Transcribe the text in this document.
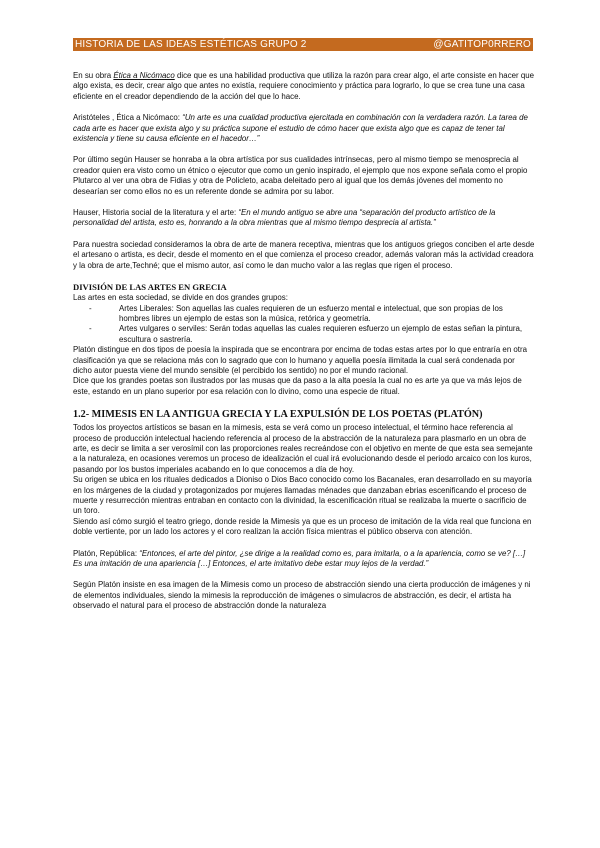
HISTORIA DE LAS IDEAS ESTÉTICAS GRUPO 2	@GATITOP0RRERO

En su obra Ética a Nicómaco dice que es una habilidad productiva que utiliza la razón para crear algo, el arte consiste en hacer que algo exista, es decir, crear algo que antes no existía, requiere conocimiento y práctica para lograrlo, lo que se crea tune una casa eficiente en el creador dependiendo de la acción del que lo hace.

Aristóteles , Ética a Nicómaco: “Un arte es una cualidad productiva ejercitada en combinación con la verdadera razón. La tarea de cada arte es hacer que exista algo y su práctica supone el estudio de cómo hacer que exista algo que es capaz de tener tal existencia y tiene su causa eficiente en el hacedor…”

Por último según Hauser se honraba a la obra artística por sus cualidades intrínsecas, pero al mismo tiempo se menosprecia al creador quien era visto como un étnico o ejecutor que como un genio inspirado, el ejemplo que nos expone señala como el propio Plutarco al ver una obra de Fidias y otra de Policleto, acaba deleitado pero al igual que los demás jóvenes del momento no desearían ser como ellos no es un referente donde se admira por su labor.

Hauser, Historia social de la literatura y el arte: “En el mundo antiguo se abre una “separación del producto artístico de la personalidad del artista, esto es, honrando a la obra mientras que al mismo tiempo desprecia al artista.”

Para nuestra sociedad consideramos la obra de arte de manera receptiva, mientras que los antiguos griegos conciben el arte desde el artesano o artista, es decir, desde el momento en el que comienza el proceso creador, además valoran más la actividad creadora y la obra de arte,Techné; que el mismo autor, así como le dan mucho valor a las reglas que rigen el proceso.

DIVISIÓN DE LAS ARTES EN GRECIA

Las artes en esta sociedad, se divide en dos grandes grupos:

- Artes Liberales: Son aquellas las cuales requieren de un esfuerzo mental e intelectual, que son propias de los hombres libres un ejemplo de estas son la música, retórica y geometría.
- Artes vulgares o serviles: Serán todas aquellas las cuales requieren esfuerzo un ejemplo de estas señan la pintura, escultura o sastrería.

Platón distingue en dos tipos de poesía la inspirada que se encontrara por encima de todas estas artes por lo que entraría en otra clasificación ya que se relaciona más con lo sagrado que con lo humano y aquella poesía ilimitada la cual será condenada por dicho autor puesta viene del mundo sensible (el percibido los sentido) no por el mundo racional.

Dice que los grandes poetas son ilustrados por las musas que da paso a la alta poesía la cual no es arte ya que va más lejos de este, estando en un plano superior por esa relación con lo divino, como una especie de ritual.

1.2- MIMESIS EN LA ANTIGUA GRECIA Y LA EXPULSIÓN DE LOS POETAS (PLATÓN)

Todos los proyectos artísticos se basan en la mimesis, esta se verá como un proceso intelectual, el término hace referencia al proceso de producción intelectual haciendo referencia al proceso de la abstracción de la naturaleza para plasmarlo en un obra de arte, es decir se limita a ser verosímil con las proporciones reales recreándose con el objetivo en mente de que esta sea semejante a la naturaleza, en ocasiones veremos un proceso de idealización el cual irá evolucionando desde el periodo arcaico con los kuros, pasando por los bustos imperiales acabando en lo que conocemos a día de hoy.

Su origen se ubica en los rituales dedicados a Dioniso o Dios Baco conocido como los Bacanales, eran desarrollado en su mayoría en los márgenes de la ciudad y protagonizados por mujeres llamadas ménades que danzaban ebrias escenificando el proceso de muerte y resurrección mientras entraban en contacto con la divinidad, la escenificación ritual se realizaba la muerte o sacrificio de un toro.

Siendo así cómo surgió el teatro griego, donde reside la Mimesis ya que es un proceso de imitación de la vida real que funciona en doble vertiente, por un lado los actores y el coro realizan la acción física mientras el público observa con atención.

Platón, República: “Entonces, el arte del pintor, ¿se dirige a la realidad como es, para imitarla, o a la apariencia, como se ve? […] Es una imitación de una apariencia […] Entonces, el arte imitativo debe estar muy lejos de la verdad.”

Según Platón insiste en esa imagen de la Mimesis como un proceso de abstracción siendo una cierta producción de imágenes y ni de elementos individuales, siendo la mimesis la reproducción de imágenes o simulacros de abstracción, es decir, el artista ha observado el natural para el proceso de abstracción donde la naturaleza
